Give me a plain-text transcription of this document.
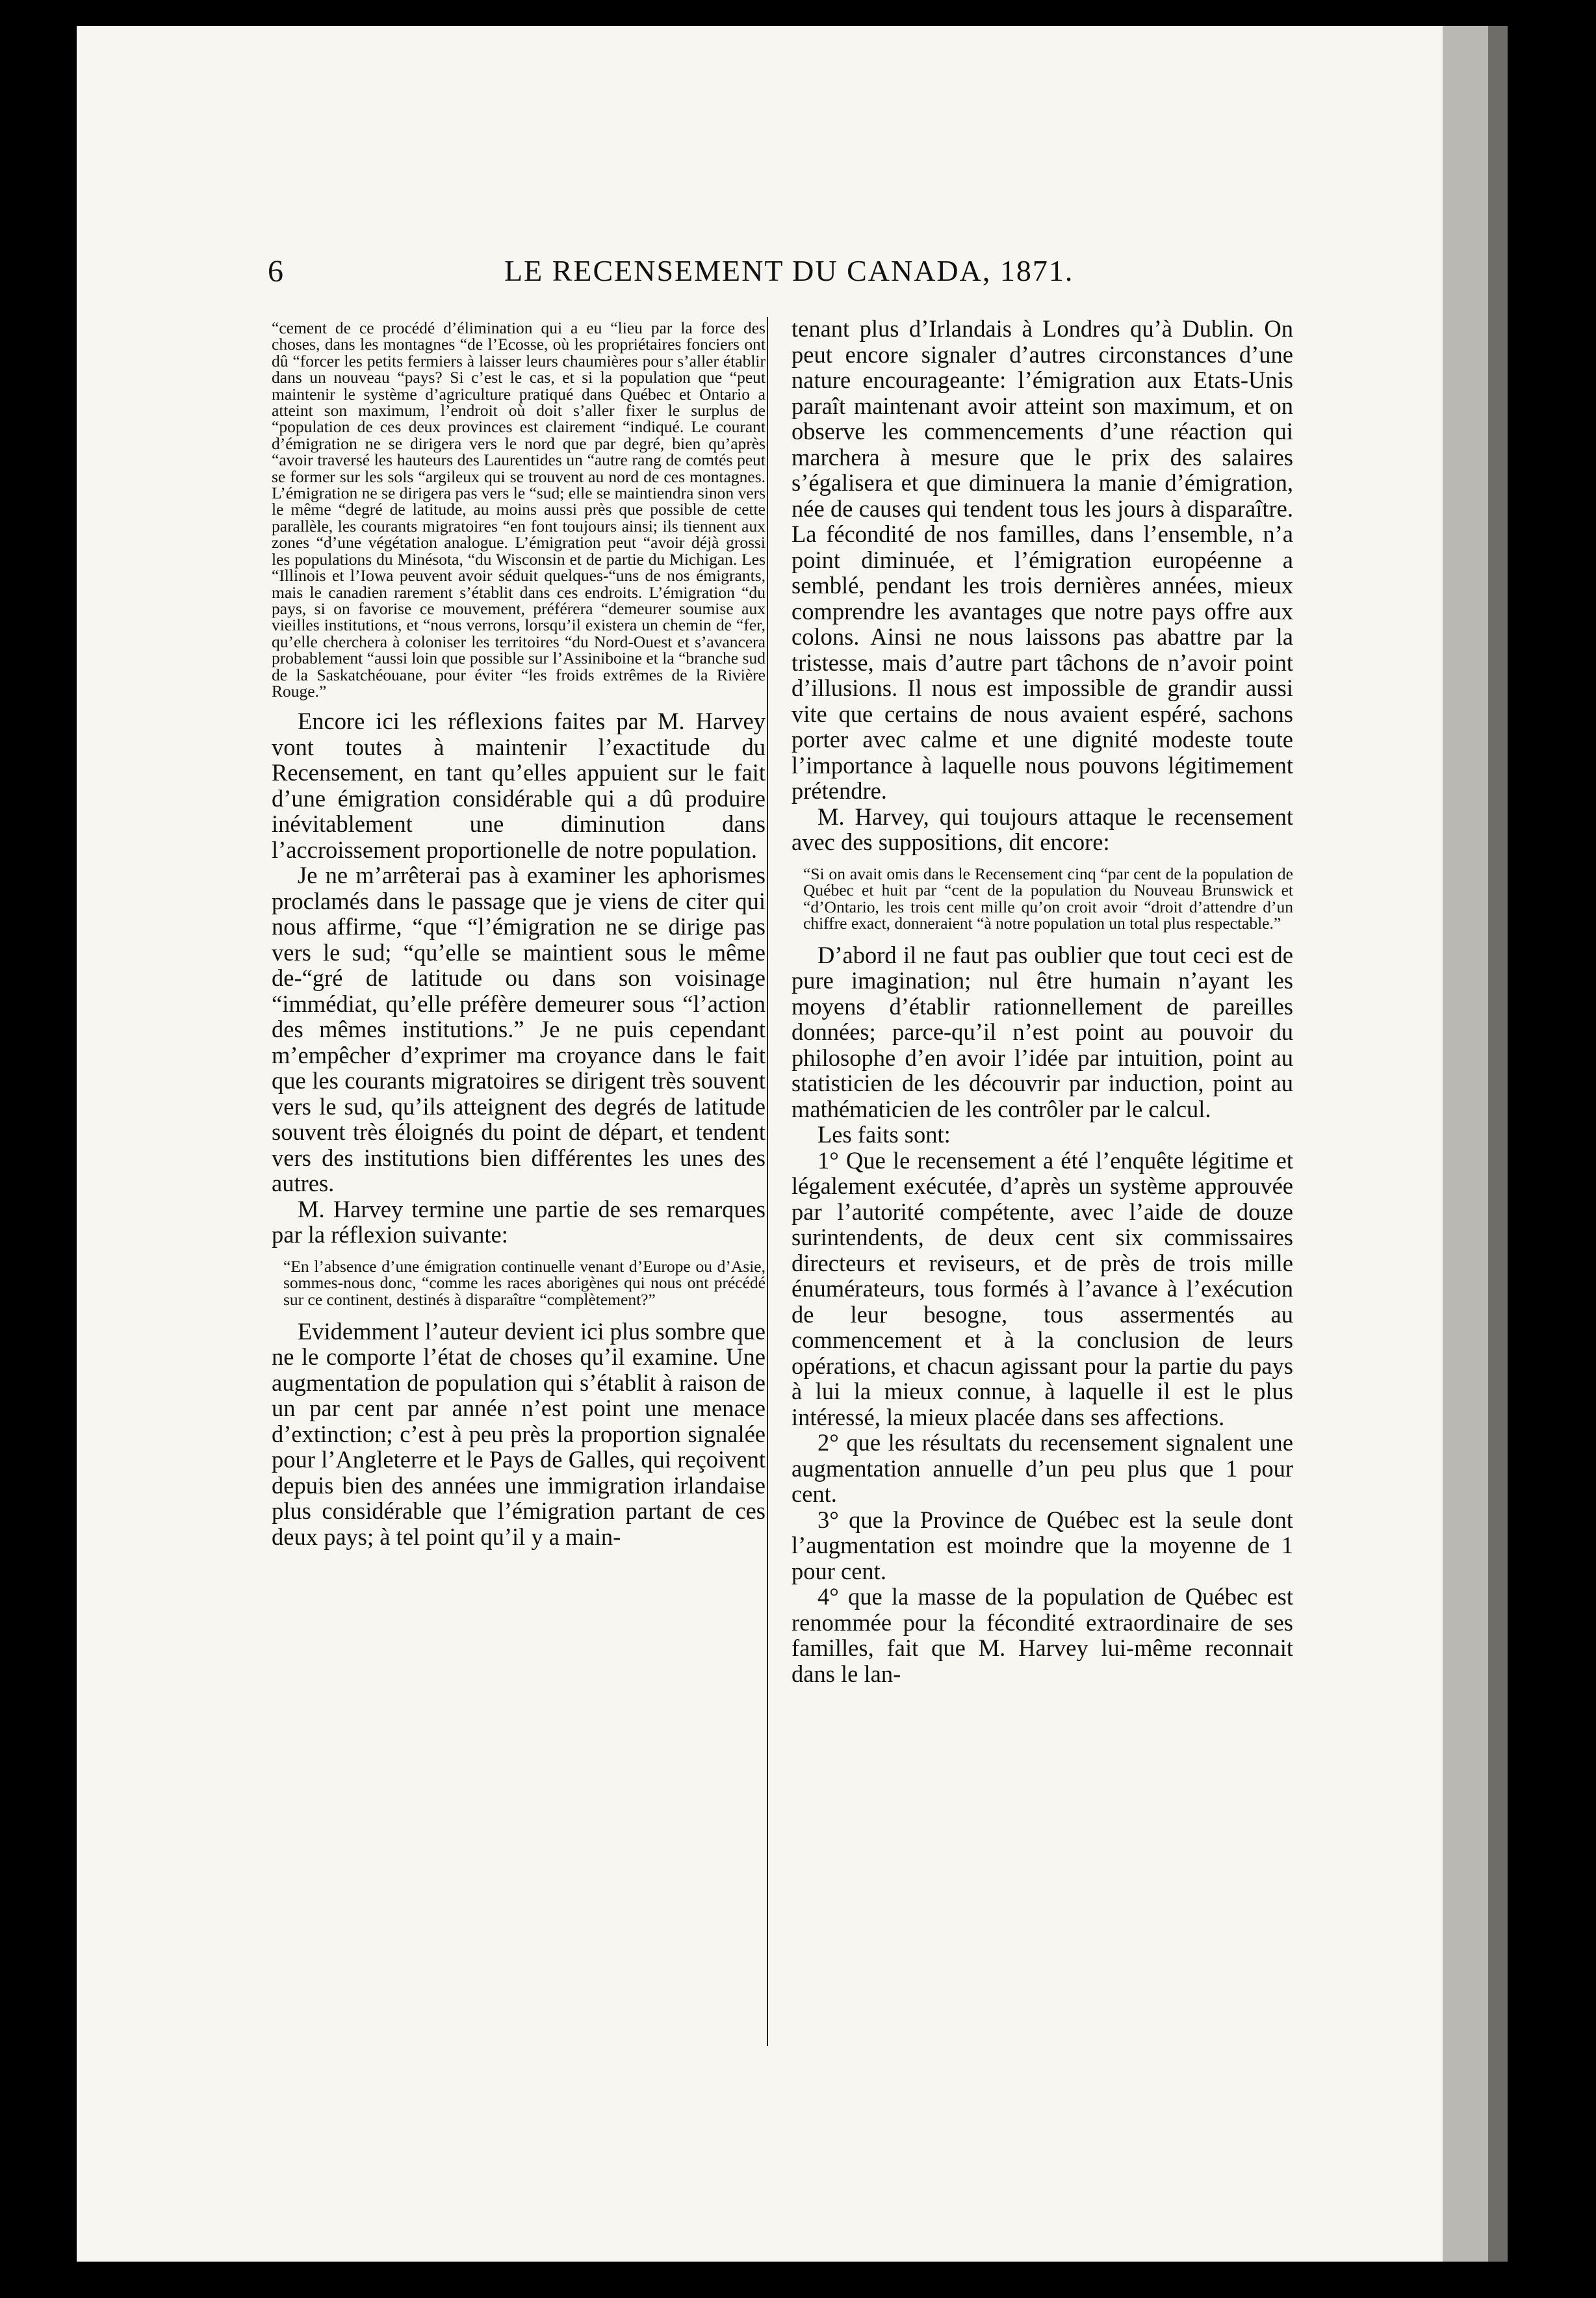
6	LE RECENSEMENT DU CANADA, 1871.

“cement de ce procédé d’élimination qui a eu “lieu par la force des choses, dans les montagnes “de l’Ecosse, où les propriétaires fonciers ont dû “forcer les petits fermiers à laisser leurs chaumières pour s’aller établir dans un nouveau “pays? Si c’est le cas, et si la population que “peut maintenir le système d’agriculture pratiqué dans Québec et Ontario a atteint son maximum, l’endroit où doit s’aller fixer le surplus de “population de ces deux provinces est clairement “indiqué. Le courant d’émigration ne se dirigera vers le nord que par degré, bien qu’après “avoir traversé les hauteurs des Laurentides un “autre rang de comtés peut se former sur les sols “argileux qui se trouvent au nord de ces montagnes. L’émigration ne se dirigera pas vers le “sud; elle se maintiendra sinon vers le même “degré de latitude, au moins aussi près que possible de cette parallèle, les courants migratoires “en font toujours ainsi; ils tiennent aux zones “d’une végétation analogue. L’émigration peut “avoir déjà grossi les populations du Minésota, “du Wisconsin et de partie du Michigan. Les “Illinois et l’Iowa peuvent avoir séduit quelques-“uns de nos émigrants, mais le canadien rarement s’établit dans ces endroits. L’émigration “du pays, si on favorise ce mouvement, préférera “demeurer soumise aux vieilles institutions, et “nous verrons, lorsqu’il existera un chemin de “fer, qu’elle cherchera à coloniser les territoires “du Nord-Ouest et s’avancera probablement “aussi loin que possible sur l’Assiniboine et la “branche sud de la Saskatchéouane, pour éviter “les froids extrêmes de la Rivière Rouge.”

Encore ici les réflexions faites par M. Harvey vont toutes à maintenir l’exactitude du Recensement, en tant qu’elles appuient sur le fait d’une émigration considérable qui a dû produire inévitablement une diminution dans l’accroissement proportionelle de notre population.

Je ne m’arrêterai pas à examiner les aphorismes proclamés dans le passage que je viens de citer qui nous affirme, “que “l’émigration ne se dirige pas vers le sud; “qu’elle se maintient sous le même de-“gré de latitude ou dans son voisinage “immédiat, qu’elle préfère demeurer sous “l’action des mêmes institutions.” Je ne puis cependant m’empêcher d’exprimer ma croyance dans le fait que les courants migratoires se dirigent très souvent vers le sud, qu’ils atteignent des degrés de latitude souvent très éloignés du point de départ, et tendent vers des institutions bien différentes les unes des autres.

M. Harvey termine une partie de ses remarques par la réflexion suivante:

“En l’absence d’une émigration continuelle venant d’Europe ou d’Asie, sommes-nous donc, “comme les races aborigènes qui nous ont précédé sur ce continent, destinés à disparaître “complètement?”

Evidemment l’auteur devient ici plus sombre que ne le comporte l’état de choses qu’il examine. Une augmentation de population qui s’établit à raison de un par cent par année n’est point une menace d’extinction; c’est à peu près la proportion signalée pour l’Angleterre et le Pays de Galles, qui reçoivent depuis bien des années une immigration irlandaise plus considérable que l’émigration partant de ces deux pays; à tel point qu’il y a main-

tenant plus d’Irlandais à Londres qu’à Dublin. On peut encore signaler d’autres circonstances d’une nature encourageante: l’émigration aux Etats-Unis paraît maintenant avoir atteint son maximum, et on observe les commencements d’une réaction qui marchera à mesure que le prix des salaires s’égalisera et que diminuera la manie d’émigration, née de causes qui tendent tous les jours à disparaître. La fécondité de nos familles, dans l’ensemble, n’a point diminuée, et l’émigration européenne a semblé, pendant les trois dernières années, mieux comprendre les avantages que notre pays offre aux colons. Ainsi ne nous laissons pas abattre par la tristesse, mais d’autre part tâchons de n’avoir point d’illusions. Il nous est impossible de grandir aussi vite que certains de nous avaient espéré, sachons porter avec calme et une dignité modeste toute l’importance à laquelle nous pouvons légitimement prétendre.

M. Harvey, qui toujours attaque le recensement avec des suppositions, dit encore:

“Si on avait omis dans le Recensement cinq “par cent de la population de Québec et huit par “cent de la population du Nouveau Brunswick et “d’Ontario, les trois cent mille qu’on croit avoir “droit d’attendre d’un chiffre exact, donneraient “à notre population un total plus respectable.”

D’abord il ne faut pas oublier que tout ceci est de pure imagination; nul être humain n’ayant les moyens d’établir rationnellement de pareilles données; parce-qu’il n’est point au pouvoir du philosophe d’en avoir l’idée par intuition, point au statisticien de les découvrir par induction, point au mathématicien de les contrôler par le calcul.

Les faits sont:

1° Que le recensement a été l’enquête légitime et légalement exécutée, d’après un système approuvée par l’autorité compétente, avec l’aide de douze surintendents, de deux cent six commissaires directeurs et reviseurs, et de près de trois mille énumérateurs, tous formés à l’avance à l’exécution de leur besogne, tous assermentés au commencement et à la conclusion de leurs opérations, et chacun agissant pour la partie du pays à lui la mieux connue, à laquelle il est le plus intéressé, la mieux placée dans ses affections.

2° que les résultats du recensement signalent une augmentation annuelle d’un peu plus que 1 pour cent.

3° que la Province de Québec est la seule dont l’augmentation est moindre que la moyenne de 1 pour cent.

4° que la masse de la population de Québec est renommée pour la fécondité extraordinaire de ses familles, fait que M. Harvey lui-même reconnait dans le lan-
